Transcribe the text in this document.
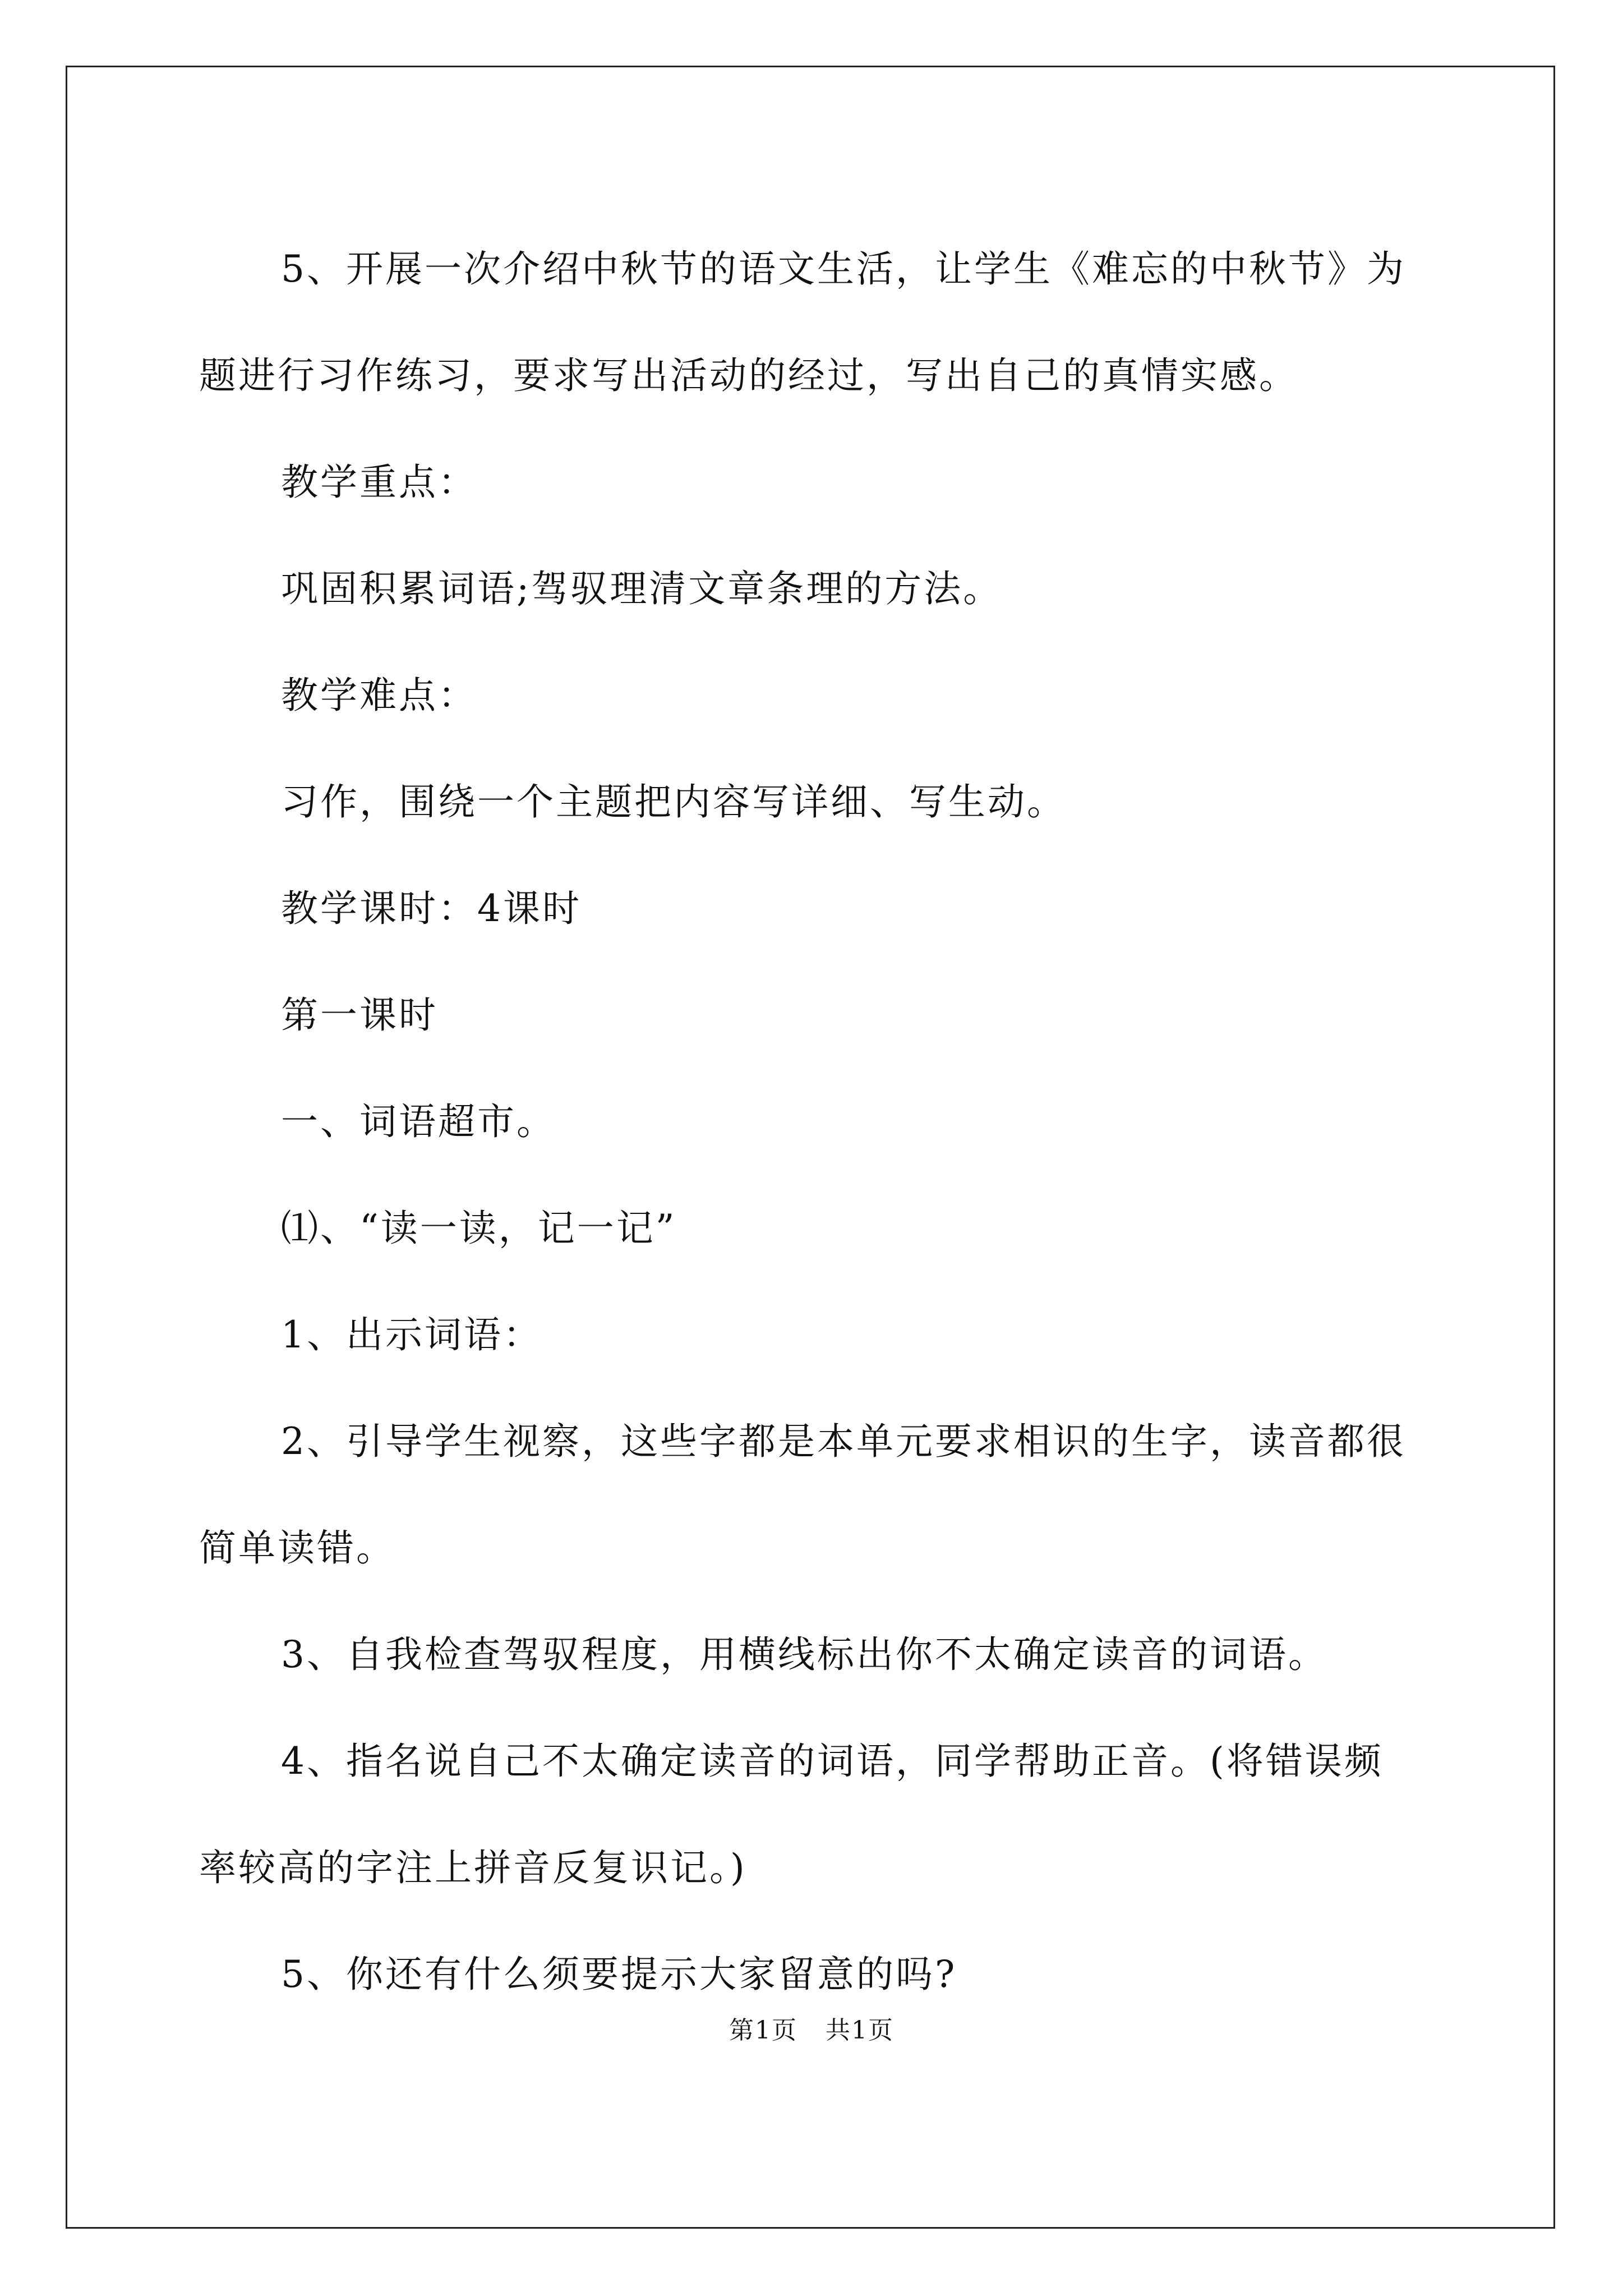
5、开展一次介绍中秋节的语文生活，让学生《难忘的中秋节》为
题进行习作练习，要求写出活动的经过，写出自己的真情实感。
教学重点：
巩固积累词语;驾驭理清文章条理的方法。
教学难点：
习作，围绕一个主题把内容写详细、写生动。
教学课时：4课时
第一课时
一、词语超市。
⑴、“读一读，记一记”
1、出示词语：
2、引导学生视察，这些字都是本单元要求相识的生字，读音都很
简单读错。
3、自我检查驾驭程度，用横线标出你不太确定读音的词语。
4、指名说自己不太确定读音的词语，同学帮助正音。(将错误频
率较高的字注上拼音反复识记。)
5、你还有什么须要提示大家留意的吗?
第1页 共1页
